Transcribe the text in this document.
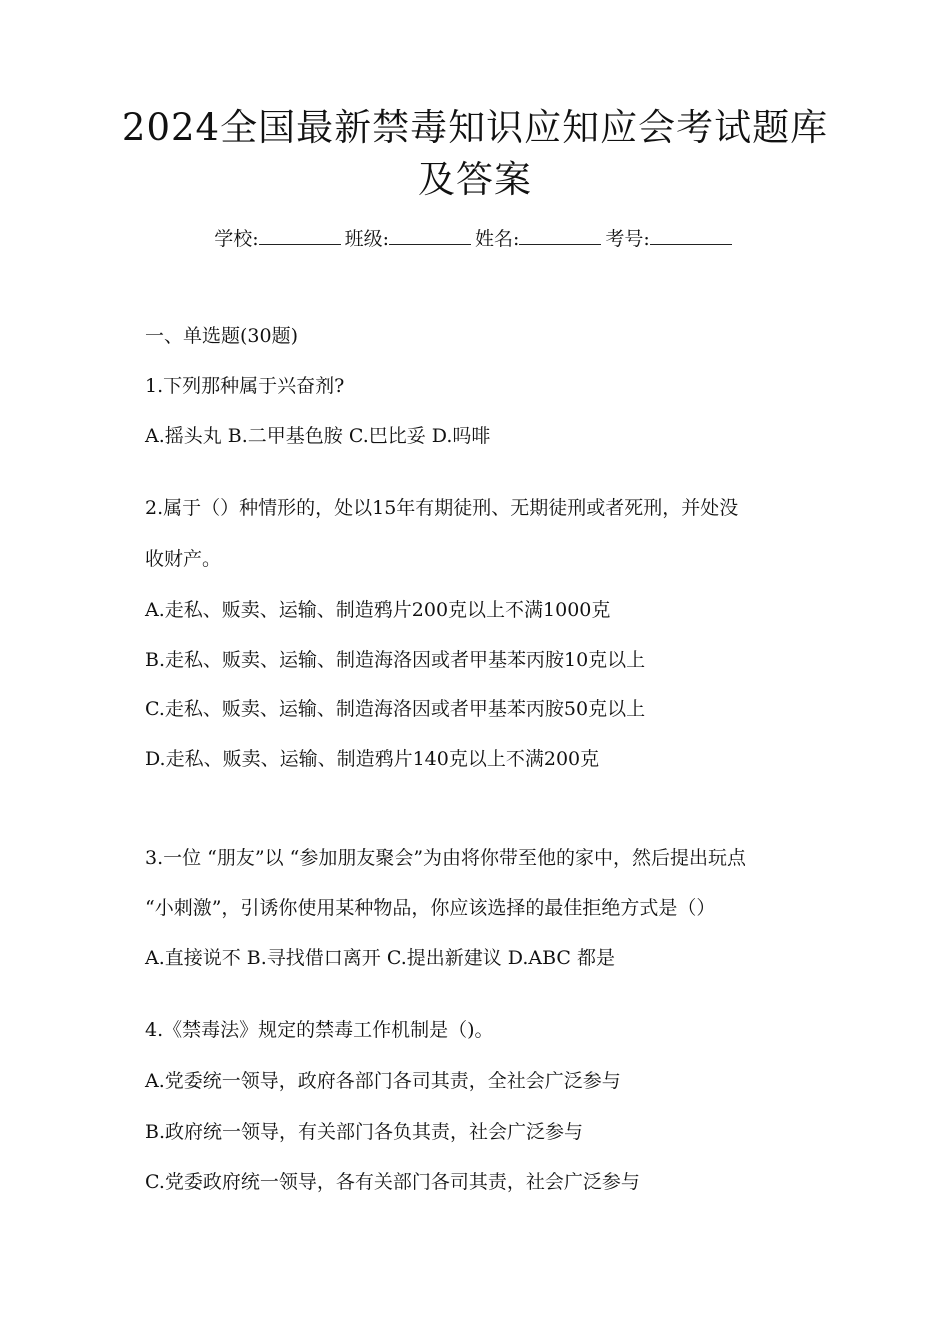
2024全国最新禁毒知识应知应会考试题库
及答案
学校:	班级:	姓名:	考号:
一、单选题(30题)
1.下列那种属于兴奋剂?
A.摇头丸 B.二甲基色胺 C.巴比妥 D.吗啡
2.属于（）种情形的，处以15年有期徒刑、无期徒刑或者死刑，并处没
收财产。
A.走私、贩卖、运输、制造鸦片200克以上不满1000克
B.走私、贩卖、运输、制造海洛因或者甲基苯丙胺10克以上
C.走私、贩卖、运输、制造海洛因或者甲基苯丙胺50克以上
D.走私、贩卖、运输、制造鸦片140克以上不满200克
3.一位 “朋友”以 “参加朋友聚会”为由将你带至他的家中，然后提出玩点
“小刺激”，引诱你使用某种物品，你应该选择的最佳拒绝方式是（）
A.直接说不 B.寻找借口离开 C.提出新建议 D.ABC 都是
4.《禁毒法》规定的禁毒工作机制是（)。
A.党委统一领导，政府各部门各司其责，全社会广泛参与
B.政府统一领导，有关部门各负其责，社会广泛参与
C.党委政府统一领导，各有关部门各司其责，社会广泛参与
